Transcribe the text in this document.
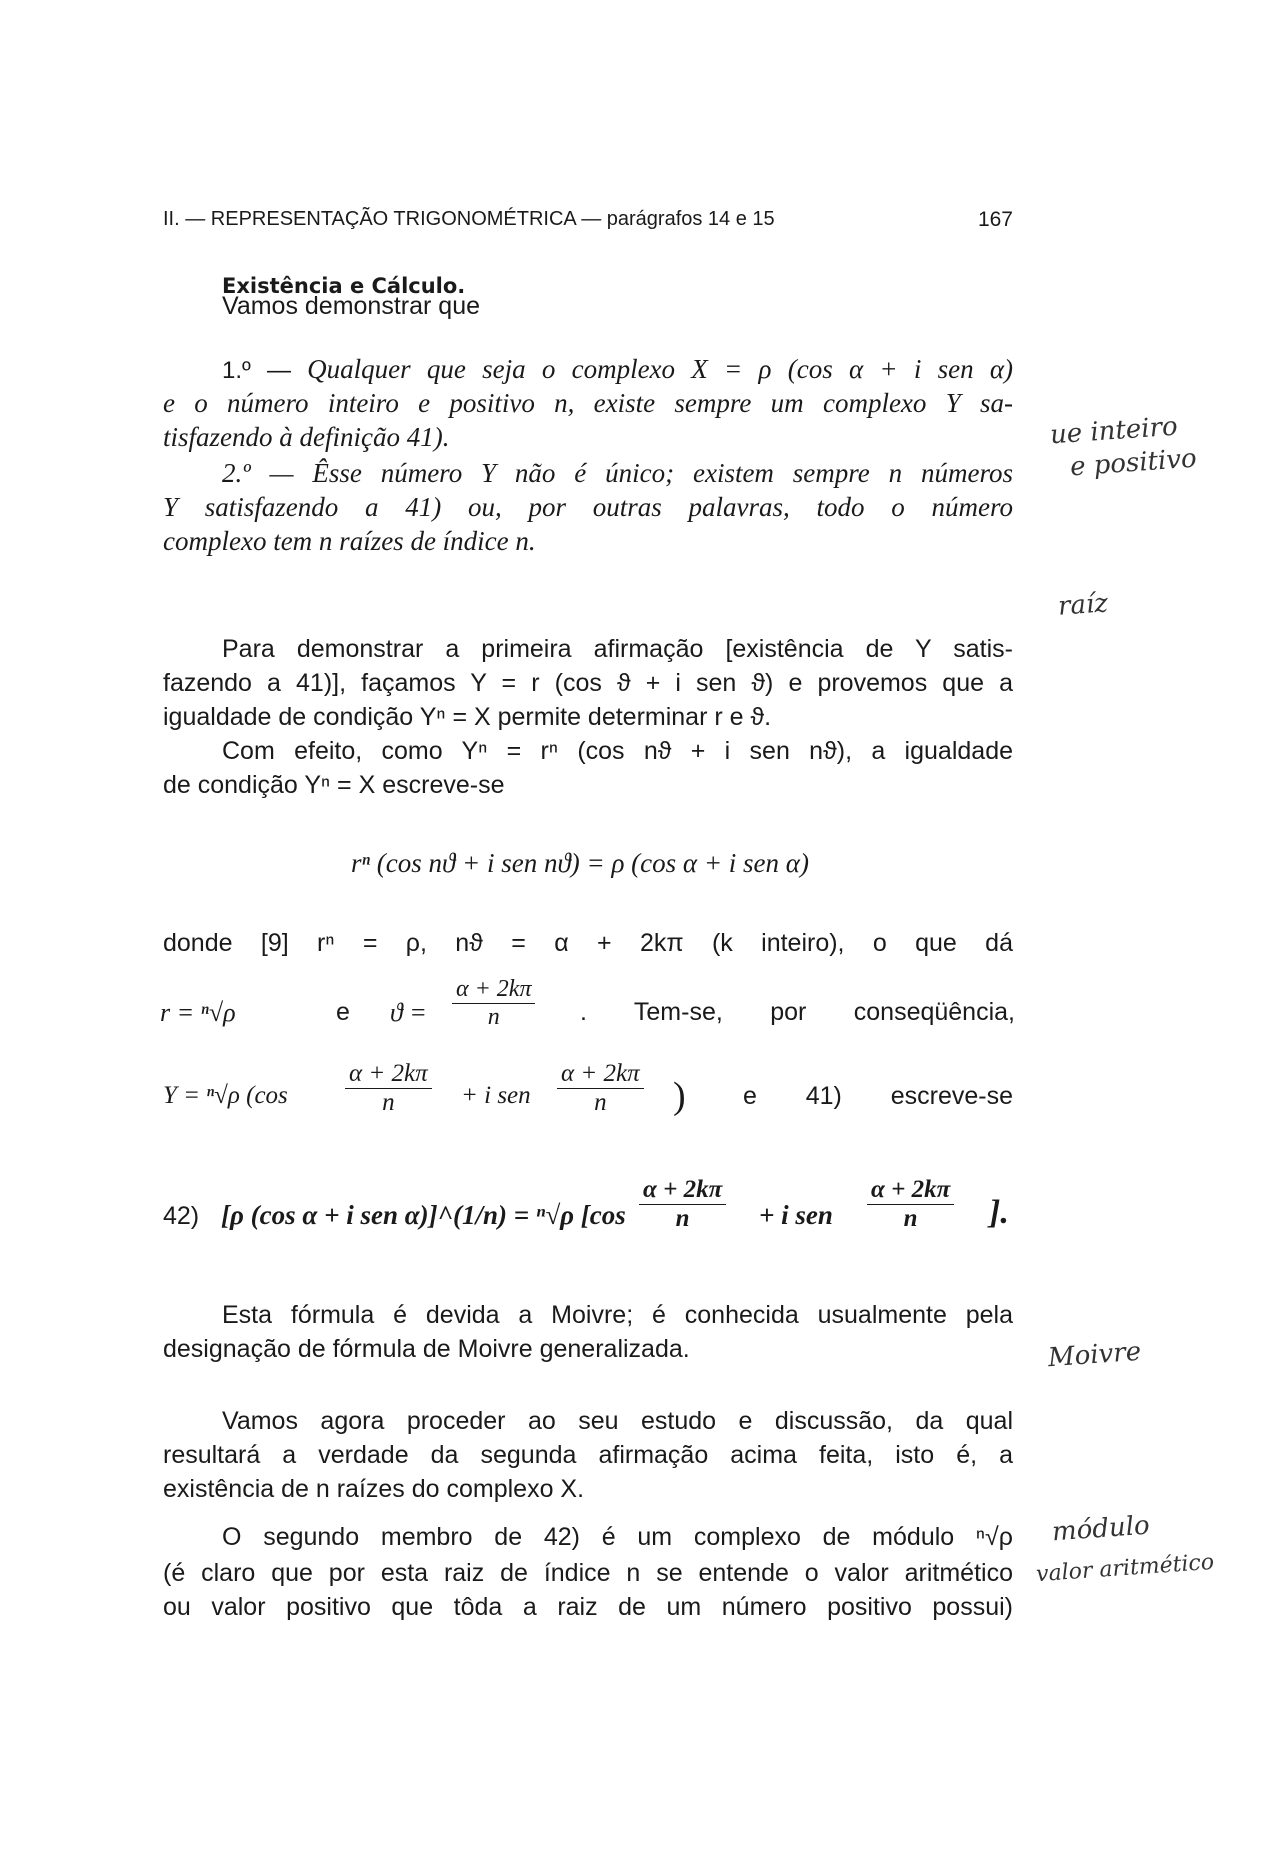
II. — REPRESENTAÇÃO TRIGONOMÉTRICA — parágrafos 14 e 15	167
Existência e Cálculo.
Vamos demonstrar que
1.º — Qualquer que seja o complexo X = ρ (cos α + i sen α)
e o número inteiro e positivo n, existe sempre um complexo Y sa-
tisfazendo à definição 41).
2.º — Êsse número Y não é único; existem sempre n números
Y satisfazendo a 41) ou, por outras palavras, todo o número
complexo tem n raízes de índice n.
Para demonstrar a primeira afirmação [existência de Y satis-
fazendo a 41)], façamos Y = r (cos ϑ + i sen ϑ) e provemos que a
igualdade de condição Yⁿ = X permite determinar r e ϑ.
Com efeito, como Yⁿ = rⁿ (cos nϑ + i sen nϑ), a igualdade
de condição Yⁿ = X escreve-se
rⁿ (cos nϑ + i sen nϑ) = ρ (cos α + i sen α)
donde [9] rⁿ = ρ, nϑ = α + 2kπ (k inteiro), o que dá
r = ⁿ√ρ	e $ϑ = \frac{\alpha + 2k\pi}{n}$ . Tem-se, por conseqüência,
Y = ⁿ√ρ ($\cos \frac{\alpha + 2k\pi}{n} + i$ sen $\frac{\alpha + 2k\pi}{n}$ ) e 41) escreve-se
42) [ρ (cos α + i sen α)]^(1/n) = ⁿ√ρ [$\cos \frac{\alpha + 2k\pi}{n} + i$ sen $\frac{\alpha + 2k\pi}{n}$ ].
Esta fórmula é devida a Moivre; é conhecida usualmente pela
designação de fórmula de Moivre generalizada.
Vamos agora proceder ao seu estudo e discussão, da qual
resultará a verdade da segunda afirmação acima feita, isto é, a
existência de n raízes do complexo X.
O segundo membro de 42) é um complexo de módulo ⁿ√ρ
(é claro que por esta raiz de índice n se entende o valor aritmético
ou valor positivo que tôda a raiz de um número positivo possui)
ue inteiro
e positivo
raíz
Moivre
módulo
valor aritmético
